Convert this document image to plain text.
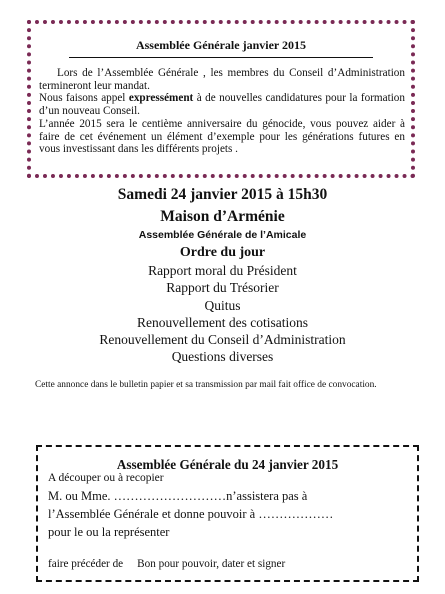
Assemblée Générale janvier 2015

Lors de l’Assemblée Générale , les membres du Conseil d’Administration termineront leur mandat.

Nous faisons appel expressément à de nouvelles candidatures pour la formation d’un nouveau Conseil.

L’année 2015 sera le centième anniversaire du génocide, vous pouvez aider à faire de cet événement un élément d’exemple pour les générations futures en vous investissant dans les différents projets .

Samedi 24 janvier 2015 à 15h30
Maison d’Arménie
Assemblée Générale de l’Amicale
Ordre du jour
Rapport moral du Président
Rapport du Trésorier
Quitus
Renouvellement des cotisations
Renouvellement du Conseil d’Administration
Questions diverses
Cette annonce dans le bulletin papier et sa transmission par mail fait office de convocation.
Assemblée Générale du 24 janvier 2015
A découper ou à recopier
M. ou Mme. ………………………n’assistera pas à
l’Assemblée Générale et donne pouvoir à ………………
pour le ou la représenter
faire précéder de Bon pour pouvoir, dater et signer
